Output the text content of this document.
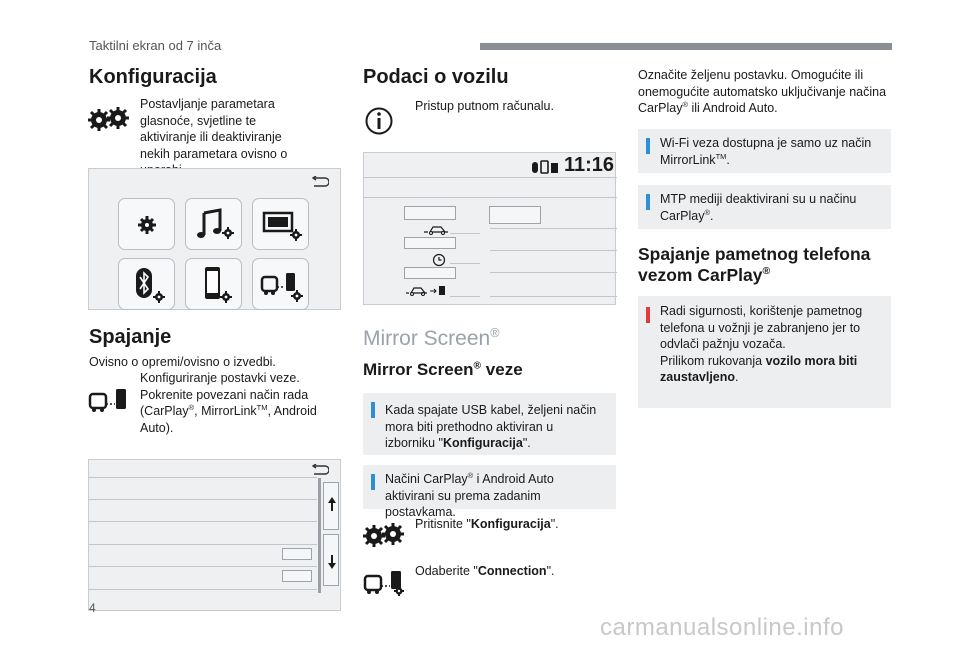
Taktilni ekran od 7 inča
Konfiguracija
Postavljanje parametara glasnoće, svjetline te aktiviranje ili deaktiviranje nekih parametara ovisno o
Spajanje
Ovisno o opremi/ovisno o izvedbi.
Konfiguriranje postavki veze. Pokrenite povezani način rada (CarPlay®, MirrorLink™, Android Auto).
Podaci o vozilu
Pristup putnom računalu.
11:16
Mirror Screen®
Mirror Screen® veze
Kada spajate USB kabel, željeni način mora biti prethodno aktiviran u izborniku "Konfiguracija".
Načini CarPlay® i Android Auto aktivirani su prema zadanim postavkama.
Pritisnite "Konfiguracija".
Odaberite "Connection".
Označite željenu postavku. Omogućite ili onemogućite automatsko uključivanje načina CarPlay® ili Android Auto.
Wi-Fi veza dostupna je samo uz način MirrorLink™.
MTP mediji deaktivirani su u načinu CarPlay®.
Spajanje pametnog telefona vezom CarPlay®
Radi sigurnosti, korištenje pametnog telefona u vožnji je zabranjeno jer to odvlači pažnju vozača.
Prilikom rukovanja vozilo mora biti zaustavljeno.
4
carmanualsonline.info
